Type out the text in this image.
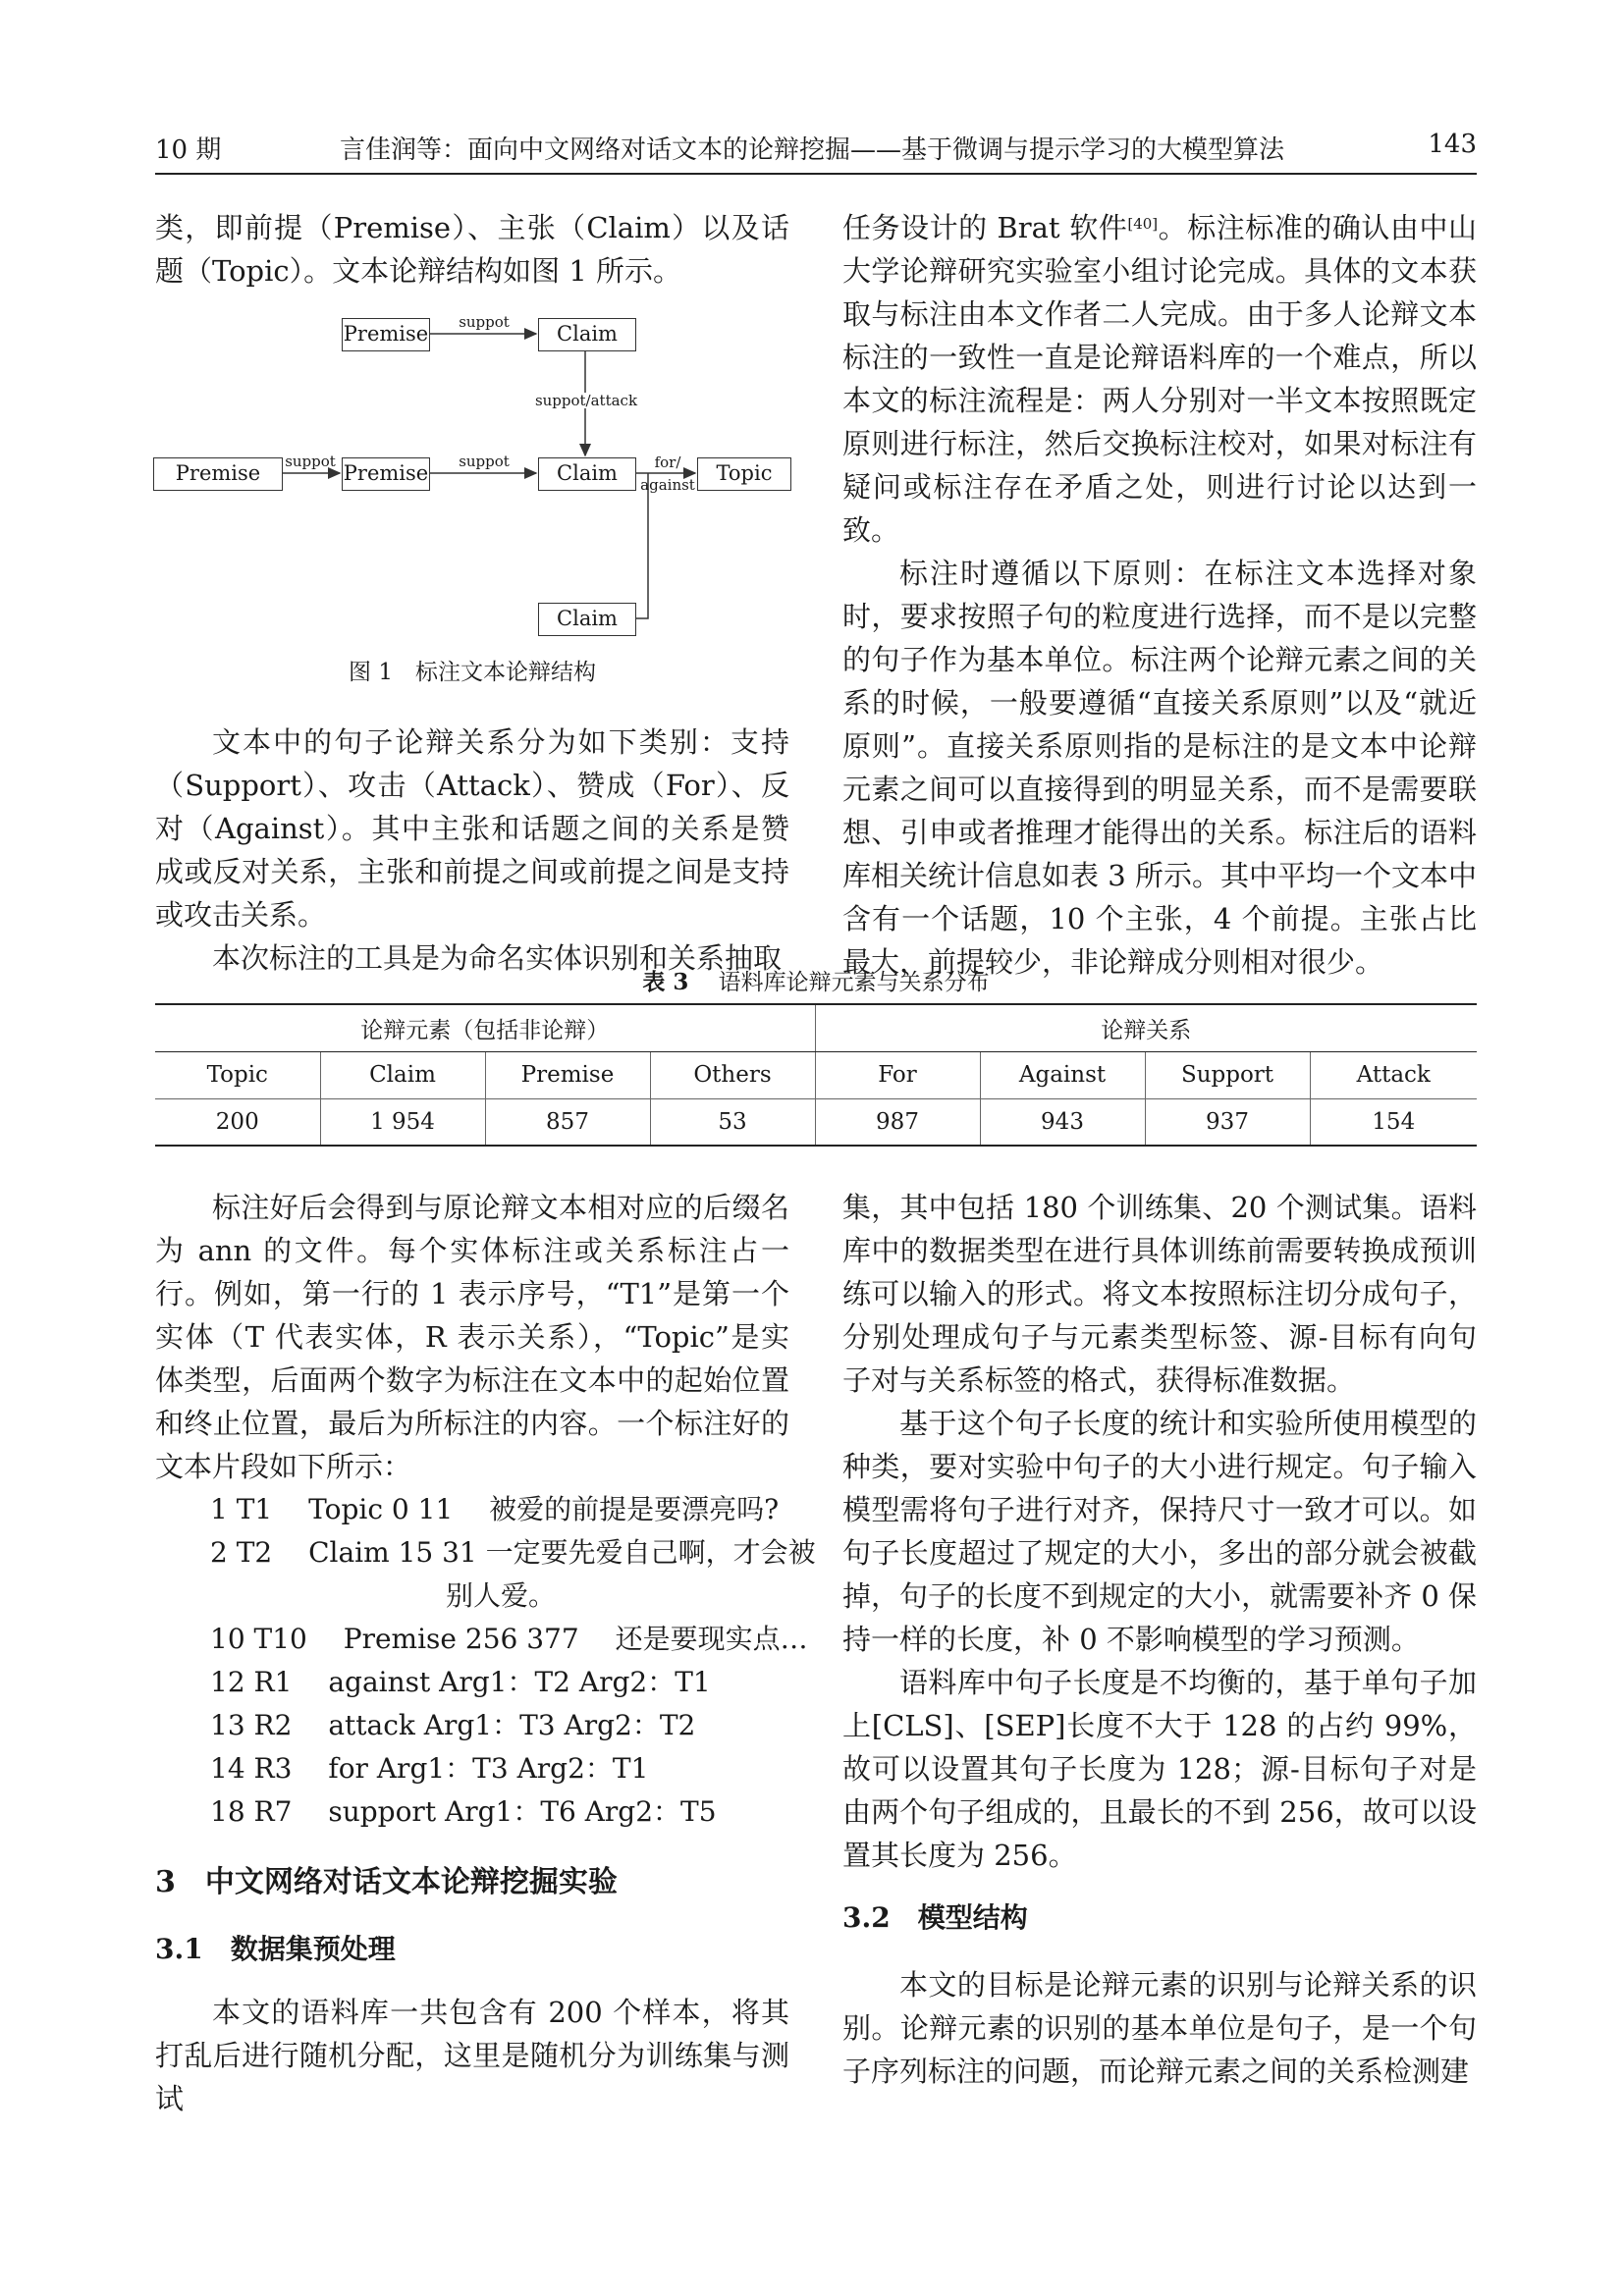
10 期	言佳润等：面向中文网络对话文本的论辩挖掘——基于微调与提示学习的大模型算法	143

类，即前提（Premise）、主张（Claim）以及话题（Topic）。文本论辩结构如图 1 所示。

Premise	Claim
Premise	Premise	Claim	Topic
Claim
suppot
suppot/attack
suppot	suppot	for/
against
图 1　标注文本论辩结构

文本中的句子论辩关系分为如下类别：支持（Support）、攻击（Attack）、赞成（For）、反对（Against）。其中主张和话题之间的关系是赞成或反对关系，主张和前提之间或前提之间是支持或攻击关系。

本次标注的工具是为命名实体识别和关系抽取

任务设计的 Brat 软件[40]。标注标准的确认由中山大学论辩研究实验室小组讨论完成。具体的文本获取与标注由本文作者二人完成。由于多人论辩文本标注的一致性一直是论辩语料库的一个难点，所以本文的标注流程是：两人分别对一半文本按照既定原则进行标注，然后交换标注校对，如果对标注有疑问或标注存在矛盾之处，则进行讨论以达到一致。

标注时遵循以下原则：在标注文本选择对象时，要求按照子句的粒度进行选择，而不是以完整的句子作为基本单位。标注两个论辩元素之间的关系的时候，一般要遵循“直接关系原则”以及“就近原则”。直接关系原则指的是标注的是文本中论辩元素之间可以直接得到的明显关系，而不是需要联想、引申或者推理才能得出的关系。标注后的语料库相关统计信息如表 3 所示。其中平均一个文本中含有一个话题，10 个主张，4 个前提。主张占比最大，前提较少，非论辩成分则相对很少。

表 3　 语料库论辩元素与关系分布
论辩元素（包括非论辩）				论辩关系			
Topic	Claim	Premise	Others	For	Against	Support	Attack
200	1 954	857	53	987	943	937	154

标注好后会得到与原论辩文本相对应的后缀名为 ann 的文件。每个实体标注或关系标注占一行。例如，第一行的 1 表示序号，“T1”是第一个实体（T 代表实体，R 表示关系），“Topic”是实体类型，后面两个数字为标注在文本中的起始位置和终止位置，最后为所标注的内容。一个标注好的文本片段如下所示：

1 T1　 Topic 0 11　 被爱的前提是要漂亮吗?
2 T2　 Claim 15 31 一定要先爱自己啊，才会被
别人爱。
10 T10　 Premise 256 377　 还是要现实点…
12 R1　 against Arg1：T2 Arg2：T1
13 R2　 attack Arg1：T3 Arg2：T2
14 R3　 for Arg1：T3 Arg2：T1
18 R7　 support Arg1：T6 Arg2：T5
3　中文网络对话文本论辩挖掘实验
3.1　数据集预处理

本文的语料库一共包含有 200 个样本，将其打乱后进行随机分配，这里是随机分为训练集与测试

集，其中包括 180 个训练集、20 个测试集。语料库中的数据类型在进行具体训练前需要转换成预训练可以输入的形式。将文本按照标注切分成句子，分别处理成句子与元素类型标签、源-目标有向句子对与关系标签的格式，获得标准数据。

基于这个句子长度的统计和实验所使用模型的种类，要对实验中句子的大小进行规定。句子输入模型需将句子进行对齐，保持尺寸一致才可以。如句子长度超过了规定的大小，多出的部分就会被截掉，句子的长度不到规定的大小，就需要补齐 0 保持一样的长度，补 0 不影响模型的学习预测。

语料库中句子长度是不均衡的，基于单句子加上[CLS]、[SEP]长度不大于 128 的占约 99%，故可以设置其句子长度为 128；源-目标句子对是由两个句子组成的，且最长的不到 256，故可以设置其长度为 256。

3.2　模型结构

本文的目标是论辩元素的识别与论辩关系的识别。论辩元素的识别的基本单位是句子，是一个句子序列标注的问题，而论辩元素之间的关系检测建
